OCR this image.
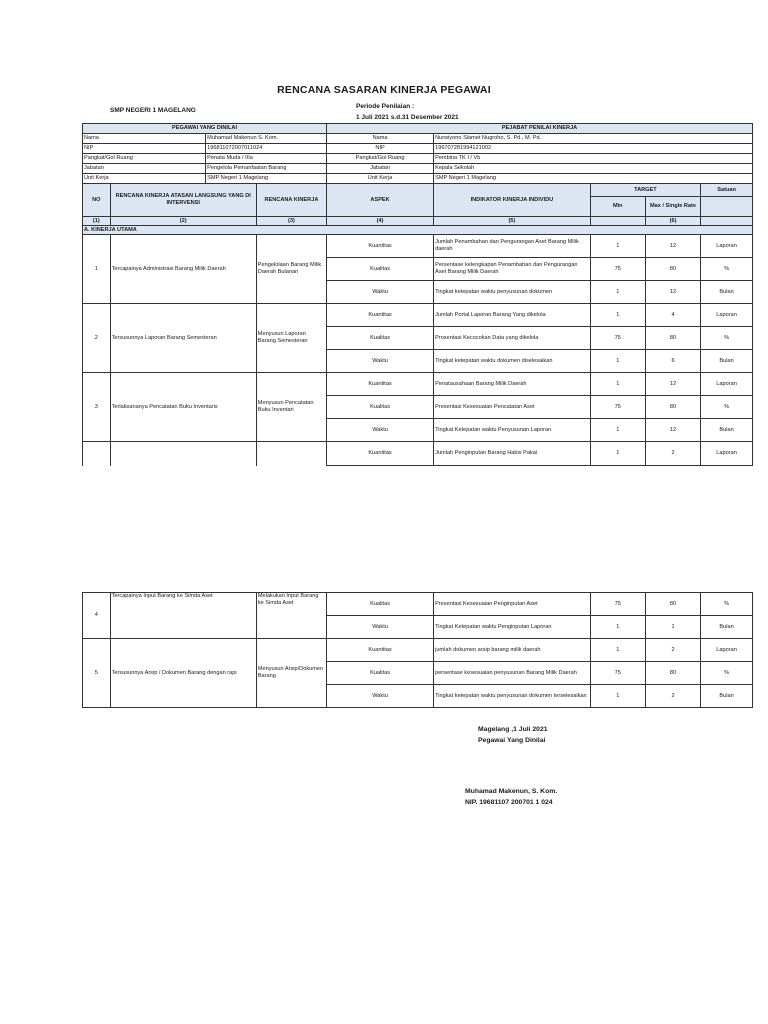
RENCANA SASARAN KINERJA PEGAWAI
SMP NEGERI 1 MAGELANG
Periode Penilaian :
1 Juli 2021 s.d.31 Desember 2021
PEGAWAI YANG DINILAI				PEJABAT PENILAI KINERJA				
Nama		Muhamad Makenun S. Kom.		Nama	Nurwiyono Slamet Nugroho, S. Pd., M. Pd.			
NIP		196811072007011024		NIP	196707281994121002			
Pangkat/Gol Ruang		Penata Muda / IIIa		Pangkat/Gol Ruang	Pembina TK I / Vb			
Jabatan		Pengelola Pemanfaatan Barang		Jabatan	Kepala Sekolah			
Unit Kerja		SMP Negeri 1 Magelang		Unit Kerja	SMP Negeri 1 Magelang			
NO	RENCANA KINERJA ATASAN LANGSUNG YANG DI INTERVENSI		RENCANA KINERJA	ASPEK	INDIKATOR KINERJA INDIVIDU	TARGET		Satuan
						Min	Max / Single Rate	
(1)	(2)		(3)	(4)	(5)		(6)	
A. KINERJA UTAMA								
1	Tercapainya Administrasi Barang Milik Daerah		Pengelolaan Barang Milik Daerah Bulanan	Kuantitas	Jumlah Penambahan dan Pengurangan Aset Barang Milik daerah	1	12	Laporan
				Kualitas	Persentase kelengkapan Penambahan dan Pengurangan Aset Barang Milik Daerah	75	80	%
				Waktu	Tingkat ketepatan waktu penyusunan dokumen	1	12	Bulan
2	Tersusunnya Laporan Barang Semesteran		Menyusun Laporan Barang Semesteran	Kuantitas	Jumlah Portal Laporan Barang Yang dikelola	1	4	Laporan
				Kualitas	Prosentasi Kecocokan Data yang dikelola	75	80	%
				Waktu	Tingkat ketepatan waktu dokumen diselesaikan	1	6	Bulan
3	Terlaksananya Pencatatan Buku Inventaris		Menyusun Pencatatan Buku Inventari	Kuantitas	Penatausahaan Barang Milik Daerah	1	12	Laporan
				Kualitas	Presentasi Kesesuaian Pencatatan Aset	75	80	%
				Waktu	Tingkat Ketepatan waktu Penyusunan Laporan	1	12	Bulan
				Kuantitas	Jumlah Penginputan Barang Habis Pakai	1	2	Laporan
4	Tercapainya Input Barang ke Simda Aset	Melakukan Input Barang ke Simda Aset	Kualitas	Presentasi Kesesuaian Penginputan Aset	75	80	%
			Waktu	Tingkat Ketepatan waktu Penginputan Laporan	1	1	Bulan
5	Tersusunnya Arsip / Dokumen Barang dengan rapi	Menyusun Arsip/Dokumen Barang	Kuantitas	jumlah dokumen arsip barang milik daerah	1	2	Laporan
			Kualitas	persentase kesesuaian penyusunan Barang Milik Daerah	75	80	%
			Waktu	Tingkat ketepatan waktu penyusunan dokumen terselesaikan	1	2	Bulan
Magelang ,1 Juli 2021
Pegawai Yang Dinilai
Muhamad Makenun, S. Kom.
NIP. 19681107 200701 1 024
